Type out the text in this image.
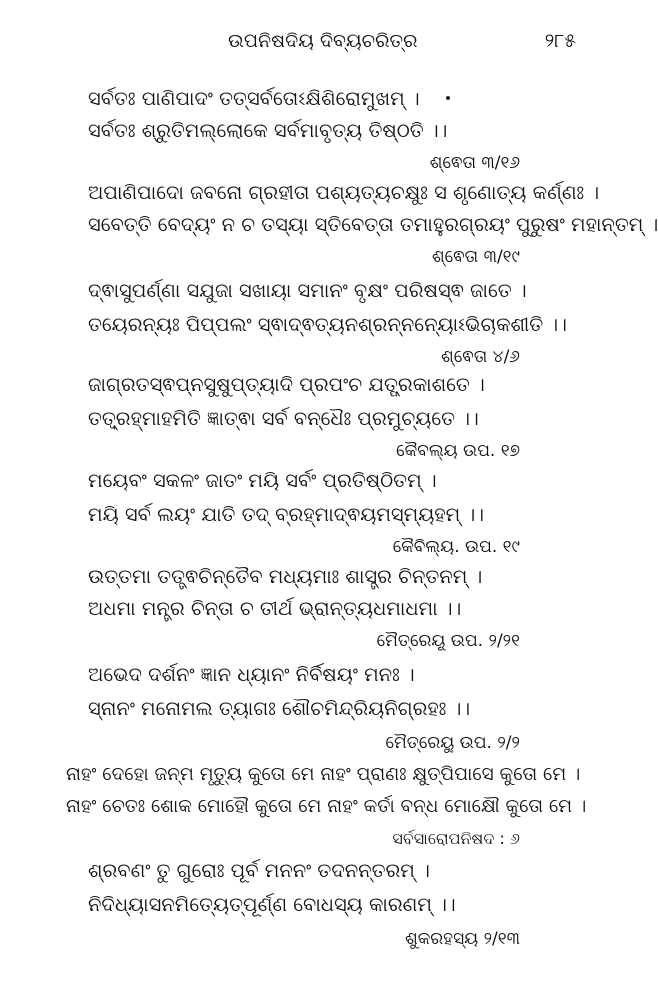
ଉପନିଷଦିୟ ଦିବ୍ୟଚରିତ୍ର	୨୮୫
ସର୍ବତଃ ପାଣିପାଦଂ ତତ୍ସର୍ବତୋଽକ୍ଷିଶିରୋମୁଖମ୍ ।
ସର୍ବତଃ ଶ୍ରୁତିମଲ୍ଲୋକେ ସର୍ବମାବୃତ୍ୟ ତିଷ୍ଠତି ।।
ଶ୍ଵେତା ୩/୧୬
ଅପାଣିପାଦୋ ଜବନୋ ଗ୍ରହୀତା ପଶ୍ୟତ୍ୟଚକ୍ଷୁଃ ସ ଶୃଣୋତ୍ୟ କର୍ଣ୍ଣଃ ।
ସବେତ୍ତି ବେଦ୍ୟଂ ନ ଚ ତସ୍ୟା ସ୍ତିବେତ୍ତା ତମାହୁରଗ୍ରୟଂ ପୁରୁଷଂ ମହାନ୍ତମ୍ ।
ଶ୍ଵେତା ୩/୧୯
ଦ୍ଵାସୁପର୍ଣ୍ଣା ସଯୁଜା ସଖାୟା ସମାନଂ ବୃକ୍ଷଂ ପରିଷସ୍ଵ ଜାତେ ।
ତୟେରନ୍ୟଃ ପିପ୍ପଲଂ ସ୍ଵାଦ୍ଵତ୍ୟନଶ୍ରନ୍ନନ୍ୟୋଽଭିଚାକଶୀତି ।।
ଶ୍ଵେତା ୪/୬
ଜାଗ୍ରତସ୍ଵପ୍ନସୁଷୁପ୍ତ୍ୟାଦି ପ୍ରପଂଚ ଯତ୍ପ୍ରକାଶତେ ।
ତତ୍ବ୍ରହ୍ମାହମିତି ଜ୍ଞାତ୍ଵା ସର୍ବ ବନ୍ଧୈଃ ପ୍ରମୁଚ୍ୟତେ ।।
କୈବଲ୍ୟ ଉପ. ୧୭
ମୟେବଂ ସକଳଂ ଜାତଂ ମୟି ସର୍ବଂ ପ୍ରତିଷ୍ଠିତମ୍ ।
ମୟି ସର୍ବ ଲୟଂ ଯାତି ତଦ୍ ବ୍ରହ୍ମାଦ୍ଵୟମସ୍ମ୍ୟହମ୍ ।।
କୈବିଲ୍ୟ. ଉପ. ୧୯
ଉତ୍ତମା ତତ୍ତ୍ଵଚିନ୍ତୈବ ମଧ୍ୟମାଃ ଶାସ୍ତ୍ର ଚିନ୍ତନମ୍ ।
ଅଧମା ମନ୍ତ୍ର ଚିନ୍ତା ଚ ତୀର୍ଥ ଭ୍ରାନ୍ତ୍ୟଧମାଧମା ।।
ମୈତ୍ରେୟୂ ଉପ. ୨/୨୧
ଅଭେଦ ଦର୍ଶନଂ ଜ୍ଞାନ ଧ୍ୟାନଂ ନିର୍ବିଷୟଂ ମନଃ ।
ସ୍ନାନଂ ମନୋମଲ ତ୍ୟାଗଃ ଶୌଚମିନ୍ଦ୍ରିୟନିଗ୍ରହଃ ।।
ମୈତ୍ରେୟୁ ଉପ. ୨/୨
ନାହଂ ଦେହୋ ଜନ୍ମ ମୃତ୍ୟୁ କୁତୋ ମେ ନାହଂ ପ୍ରାଣଃ କ୍ଷୁତ୍ପିପାସେ କୁତୋ ମେ ।
ନାହଂ ଚେତଃ ଶୋକ ମୋହୌ କୁତୋ ମେ ନାହଂ କର୍ତା ବନ୍ଧ ମୋକ୍ଷୌ କୁତୋ ମେ ।
ସର୍ବସାରୋପନିଷଦ : ୬
ଶ୍ରବଣଂ ତୁ ଗୁରୋଃ ପୂର୍ବ ମନନଂ ତଦନନ୍ତରମ୍ ।
ନିଦିଧ୍ୟାସନମିତ୍ୟେତ୍ପୂର୍ଣ୍ଣ ବୋଧସ୍ୟ କାରଣମ୍ ।।
ଶୁକରହସ୍ୟ ୨/୧୩
